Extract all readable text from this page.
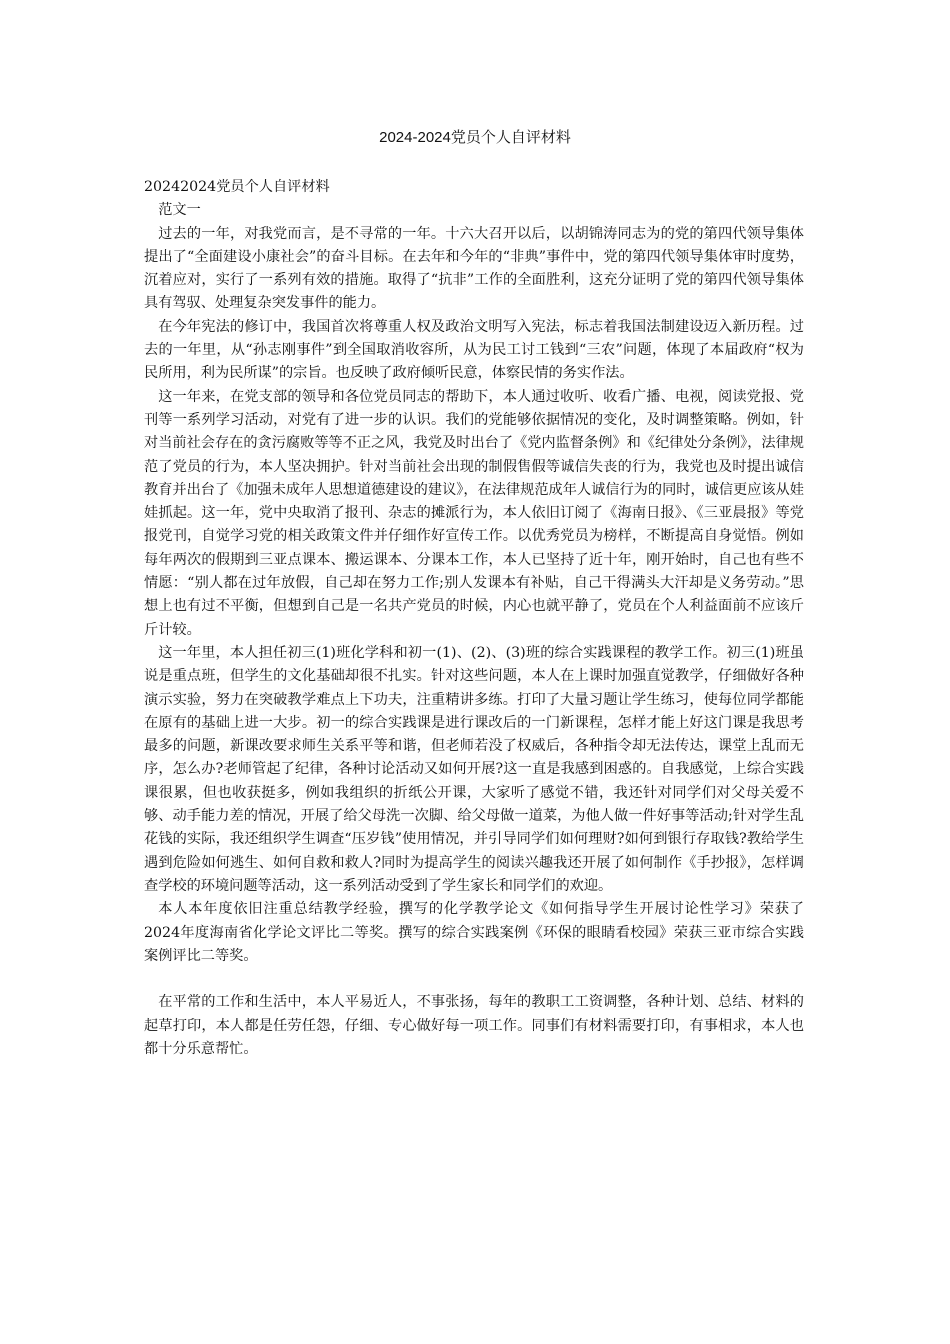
2024-2024党员个人自评材料

20242024党员个人自评材料

范文一

过去的一年，对我党而言，是不寻常的一年。十六大召开以后，以胡锦涛同志为的党的第四代领导集体提出了“全面建设小康社会”的奋斗目标。在去年和今年的“非典”事件中，党的第四代领导集体审时度势，沉着应对，实行了一系列有效的措施。取得了“抗非”工作的全面胜利，这充分证明了党的第四代领导集体具有驾驭、处理复杂突发事件的能力。

在今年宪法的修订中，我国首次将尊重人权及政治文明写入宪法，标志着我国法制建设迈入新历程。过去的一年里，从“孙志刚事件”到全国取消收容所，从为民工讨工钱到“三农”问题，体现了本届政府“权为民所用，利为民所谋”的宗旨。也反映了政府倾听民意，体察民情的务实作法。

这一年来，在党支部的领导和各位党员同志的帮助下，本人通过收听、收看广播、电视，阅读党报、党刊等一系列学习活动，对党有了进一步的认识。我们的党能够依据情况的变化，及时调整策略。例如，针对当前社会存在的贪污腐败等等不正之风，我党及时出台了《党内监督条例》和《纪律处分条例》，法律规范了党员的行为，本人坚决拥护。针对当前社会出现的制假售假等诚信失丧的行为，我党也及时提出诚信教育并出台了《加强未成年人思想道德建设的建议》，在法律规范成年人诚信行为的同时，诚信更应该从娃娃抓起。这一年，党中央取消了报刊、杂志的摊派行为，本人依旧订阅了《海南日报》、《三亚晨报》等党报党刊，自觉学习党的相关政策文件并仔细作好宣传工作。以优秀党员为榜样，不断提高自身觉悟。例如每年两次的假期到三亚点课本、搬运课本、分课本工作，本人已坚持了近十年，刚开始时，自己也有些不情愿：“别人都在过年放假，自己却在努力工作;别人发课本有补贴，自己干得满头大汗却是义务劳动。”思想上也有过不平衡，但想到自己是一名共产党员的时候，内心也就平静了，党员在个人利益面前不应该斤斤计较。

这一年里，本人担任初三(1)班化学科和初一(1)、(2)、(3)班的综合实践课程的教学工作。初三(1)班虽说是重点班，但学生的文化基础却很不扎实。针对这些问题，本人在上课时加强直觉教学，仔细做好各种演示实验，努力在突破教学难点上下功夫，注重精讲多练。打印了大量习题让学生练习，使每位同学都能在原有的基础上进一大步。初一的综合实践课是进行课改后的一门新课程，怎样才能上好这门课是我思考最多的问题，新课改要求师生关系平等和谐，但老师若没了权威后，各种指令却无法传达，课堂上乱而无序，怎么办?老师管起了纪律，各种讨论活动又如何开展?这一直是我感到困惑的。自我感觉，上综合实践课很累，但也收获挺多，例如我组织的折纸公开课，大家听了感觉不错，我还针对同学们对父母关爱不够、动手能力差的情况，开展了给父母洗一次脚、给父母做一道菜，为他人做一件好事等活动;针对学生乱花钱的实际，我还组织学生调查“压岁钱”使用情况，并引导同学们如何理财?如何到银行存取钱?教给学生遇到危险如何逃生、如何自救和救人?同时为提高学生的阅读兴趣我还开展了如何制作《手抄报》，怎样调查学校的环境问题等活动，这一系列活动受到了学生家长和同学们的欢迎。

本人本年度依旧注重总结教学经验，撰写的化学教学论文《如何指导学生开展讨论性学习》荣获了2024年度海南省化学论文评比二等奖。撰写的综合实践案例《环保的眼睛看校园》荣获三亚市综合实践案例评比二等奖。

在平常的工作和生活中，本人平易近人，不事张扬，每年的教职工工资调整，各种计划、总结、材料的起草打印，本人都是任劳任怨，仔细、专心做好每一项工作。同事们有材料需要打印，有事相求，本人也都十分乐意帮忙。
